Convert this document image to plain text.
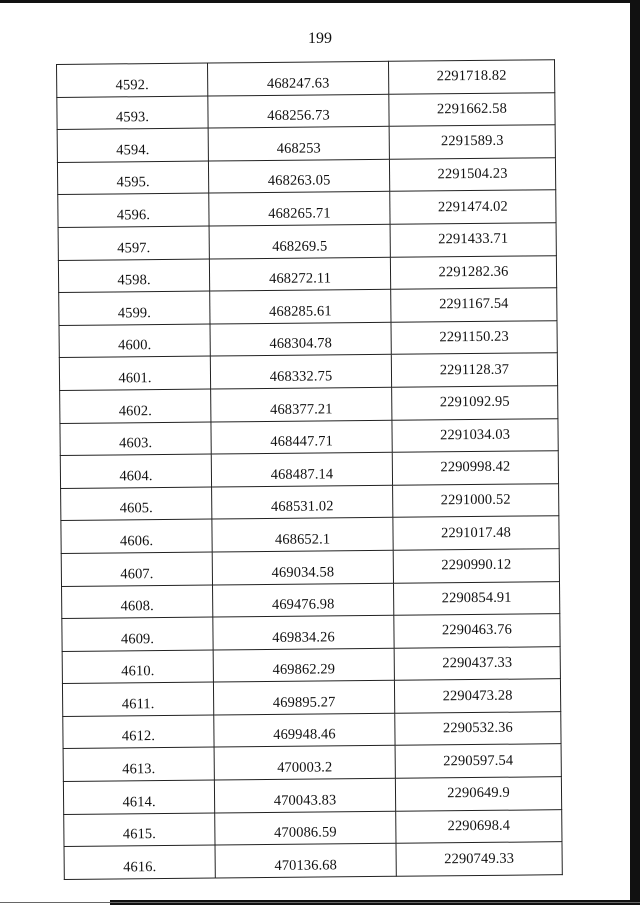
199
4592.	468247.63	2291718.82
4593.	468256.73	2291662.58
4594.	468253	2291589.3
4595.	468263.05	2291504.23
4596.	468265.71	2291474.02
4597.	468269.5	2291433.71
4598.	468272.11	2291282.36
4599.	468285.61	2291167.54
4600.	468304.78	2291150.23
4601.	468332.75	2291128.37
4602.	468377.21	2291092.95
4603.	468447.71	2291034.03
4604.	468487.14	2290998.42
4605.	468531.02	2291000.52
4606.	468652.1	2291017.48
4607.	469034.58	2290990.12
4608.	469476.98	2290854.91
4609.	469834.26	2290463.76
4610.	469862.29	2290437.33
4611.	469895.27	2290473.28
4612.	469948.46	2290532.36
4613.	470003.2	2290597.54
4614.	470043.83	2290649.9
4615.	470086.59	2290698.4
4616.	470136.68	2290749.33
